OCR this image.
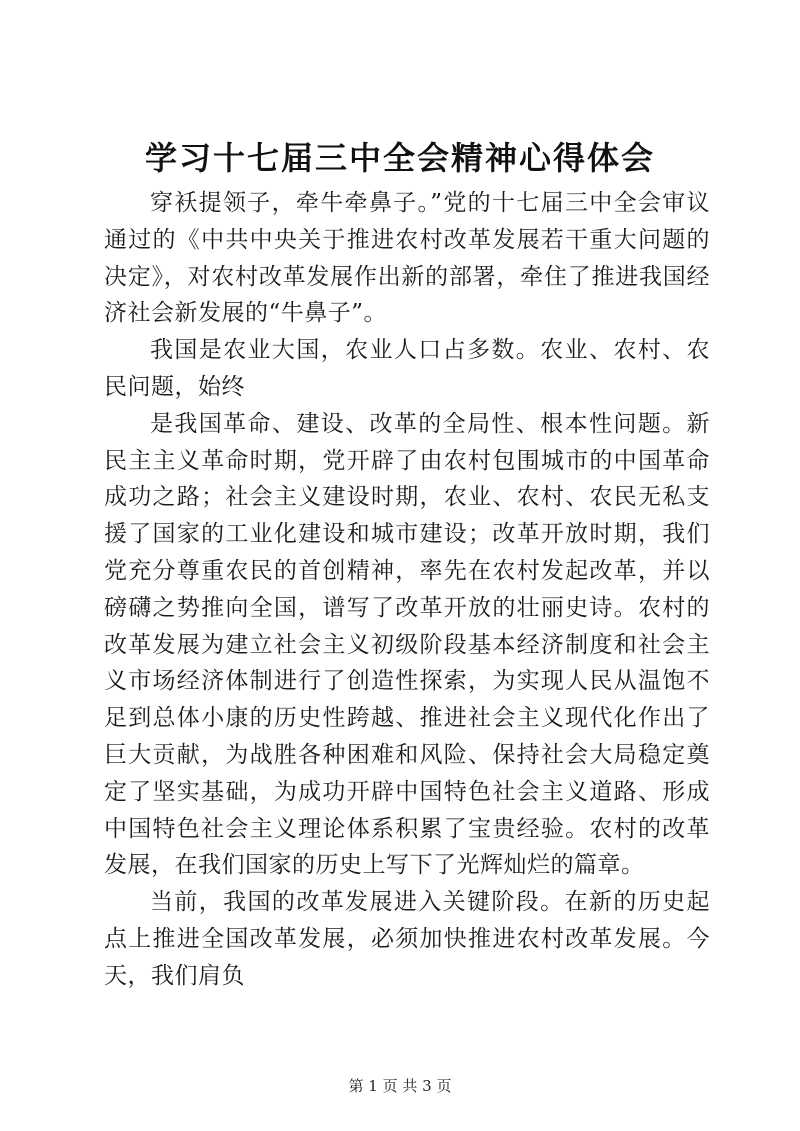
学习十七届三中全会精神心得体会

穿袄提领子，牵牛牵鼻子。”党的十七届三中全会审议通过的《中共中央关于推进农村改革发展若干重大问题的决定》，对农村改革发展作出新的部署，牵住了推进我国经济社会新发展的“牛鼻子”。

我国是农业大国，农业人口占多数。农业、农村、农民问题，始终

是我国革命、建设、改革的全局性、根本性问题。新民主主义革命时期，党开辟了由农村包围城市的中国革命成功之路；社会主义建设时期，农业、农村、农民无私支援了国家的工业化建设和城市建设；改革开放时期，我们党充分尊重农民的首创精神，率先在农村发起改革，并以磅礴之势推向全国，谱写了改革开放的壮丽史诗。农村的改革发展为建立社会主义初级阶段基本经济制度和社会主义市场经济体制进行了创造性探索，为实现人民从温饱不足到总体小康的历史性跨越、推进社会主义现代化作出了巨大贡献，为战胜各种困难和风险、保持社会大局稳定奠定了坚实基础，为成功开辟中国特色社会主义道路、形成中国特色社会主义理论体系积累了宝贵经验。农村的改革发展，在我们国家的历史上写下了光辉灿烂的篇章。

当前，我国的改革发展进入关键阶段。在新的历史起点上推进全国改革发展，必须加快推进农村改革发展。今天，我们肩负

第 1 页 共 3 页
